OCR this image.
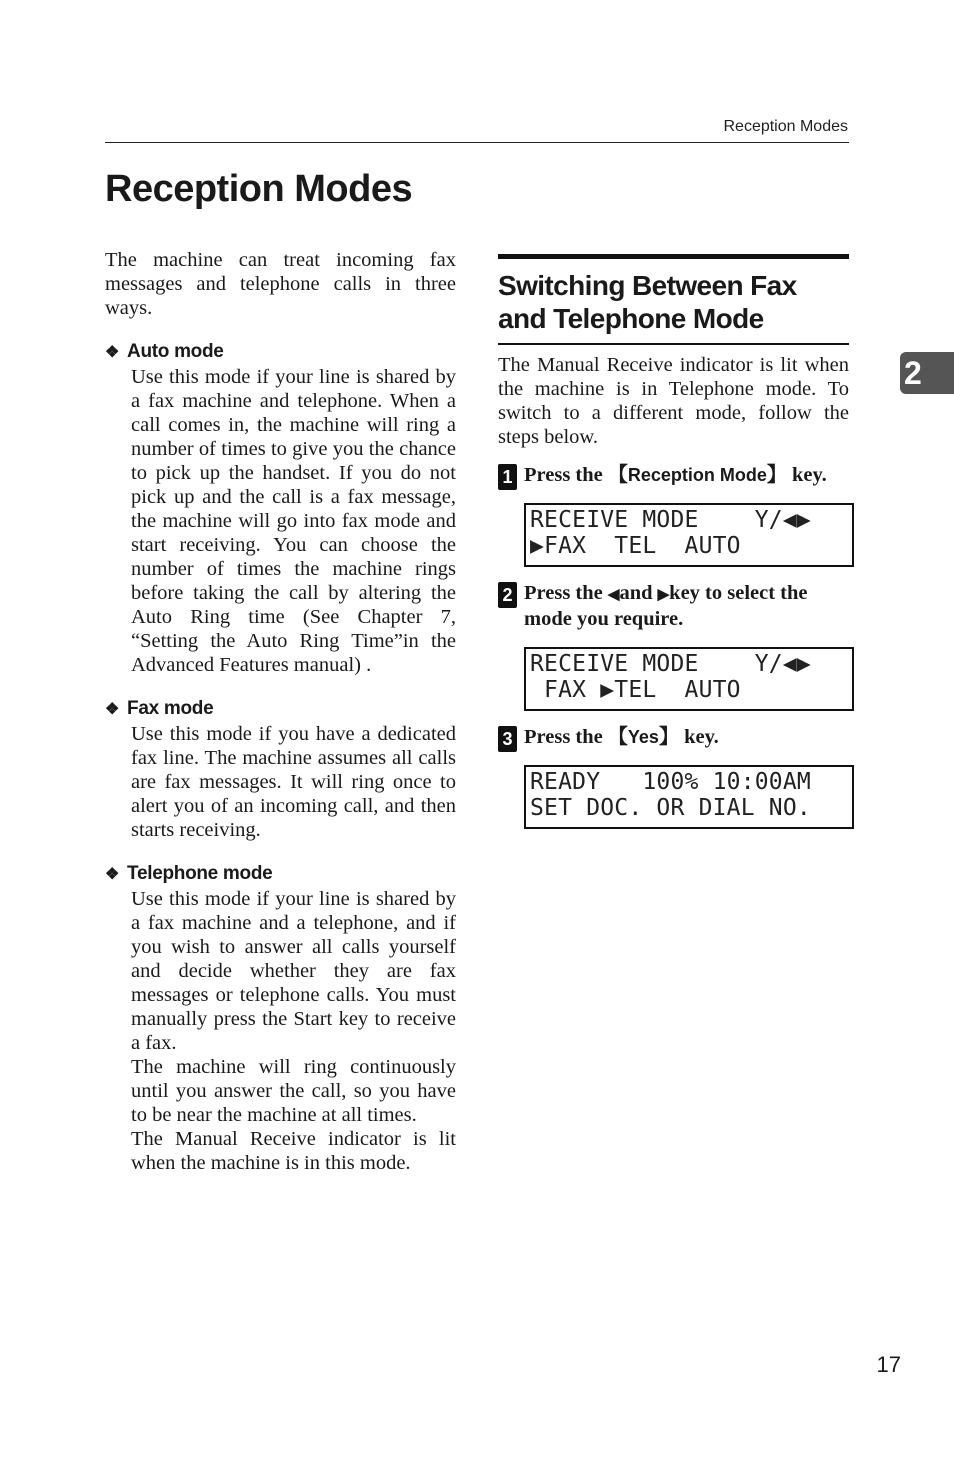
Reception Modes
2
Reception Modes

The machine can treat incoming fax messages and telephone calls in three ways.

❖ Auto mode

Use this mode if your line is shared by a fax machine and telephone. When a call comes in, the machine will ring a number of times to give you the chance to pick up the handset. If you do not pick up and the call is a fax message, the machine will go into fax mode and start receiving. You can choose the number of times the machine rings before taking the call by altering the Auto Ring time (See Chapter 7, “Setting the Auto Ring Time”in the Advanced Features manual) .

❖ Fax mode

Use this mode if you have a dedicated fax line. The machine assumes all calls are fax messages. It will ring once to alert you of an incoming call, and then starts receiving.

❖ Telephone mode

Use this mode if your line is shared by a fax machine and a telephone, and if you wish to answer all calls yourself and decide whether they are fax messages or telephone calls. You must manually press the Start key to receive a fax.

The machine will ring continuously until you answer the call, so you have to be near the machine at all times.

The Manual Receive indicator is lit when the machine is in this mode.

Switching Between Fax and Telephone Mode

The Manual Receive indicator is lit when the machine is in Telephone mode. To switch to a different mode, follow the steps below.

1 Press the 【Reception Mode】 key.
RECEIVE MODE    Y/◀▶
▶FAX  TEL  AUTO
2 Press the ◀and ▶key to select the mode you require.
RECEIVE MODE    Y/◀▶
FAX ▶TEL  AUTO
3 Press the 【Yes】 key.
READY   100% 10:00AM
SET DOC. OR DIAL NO.
17
